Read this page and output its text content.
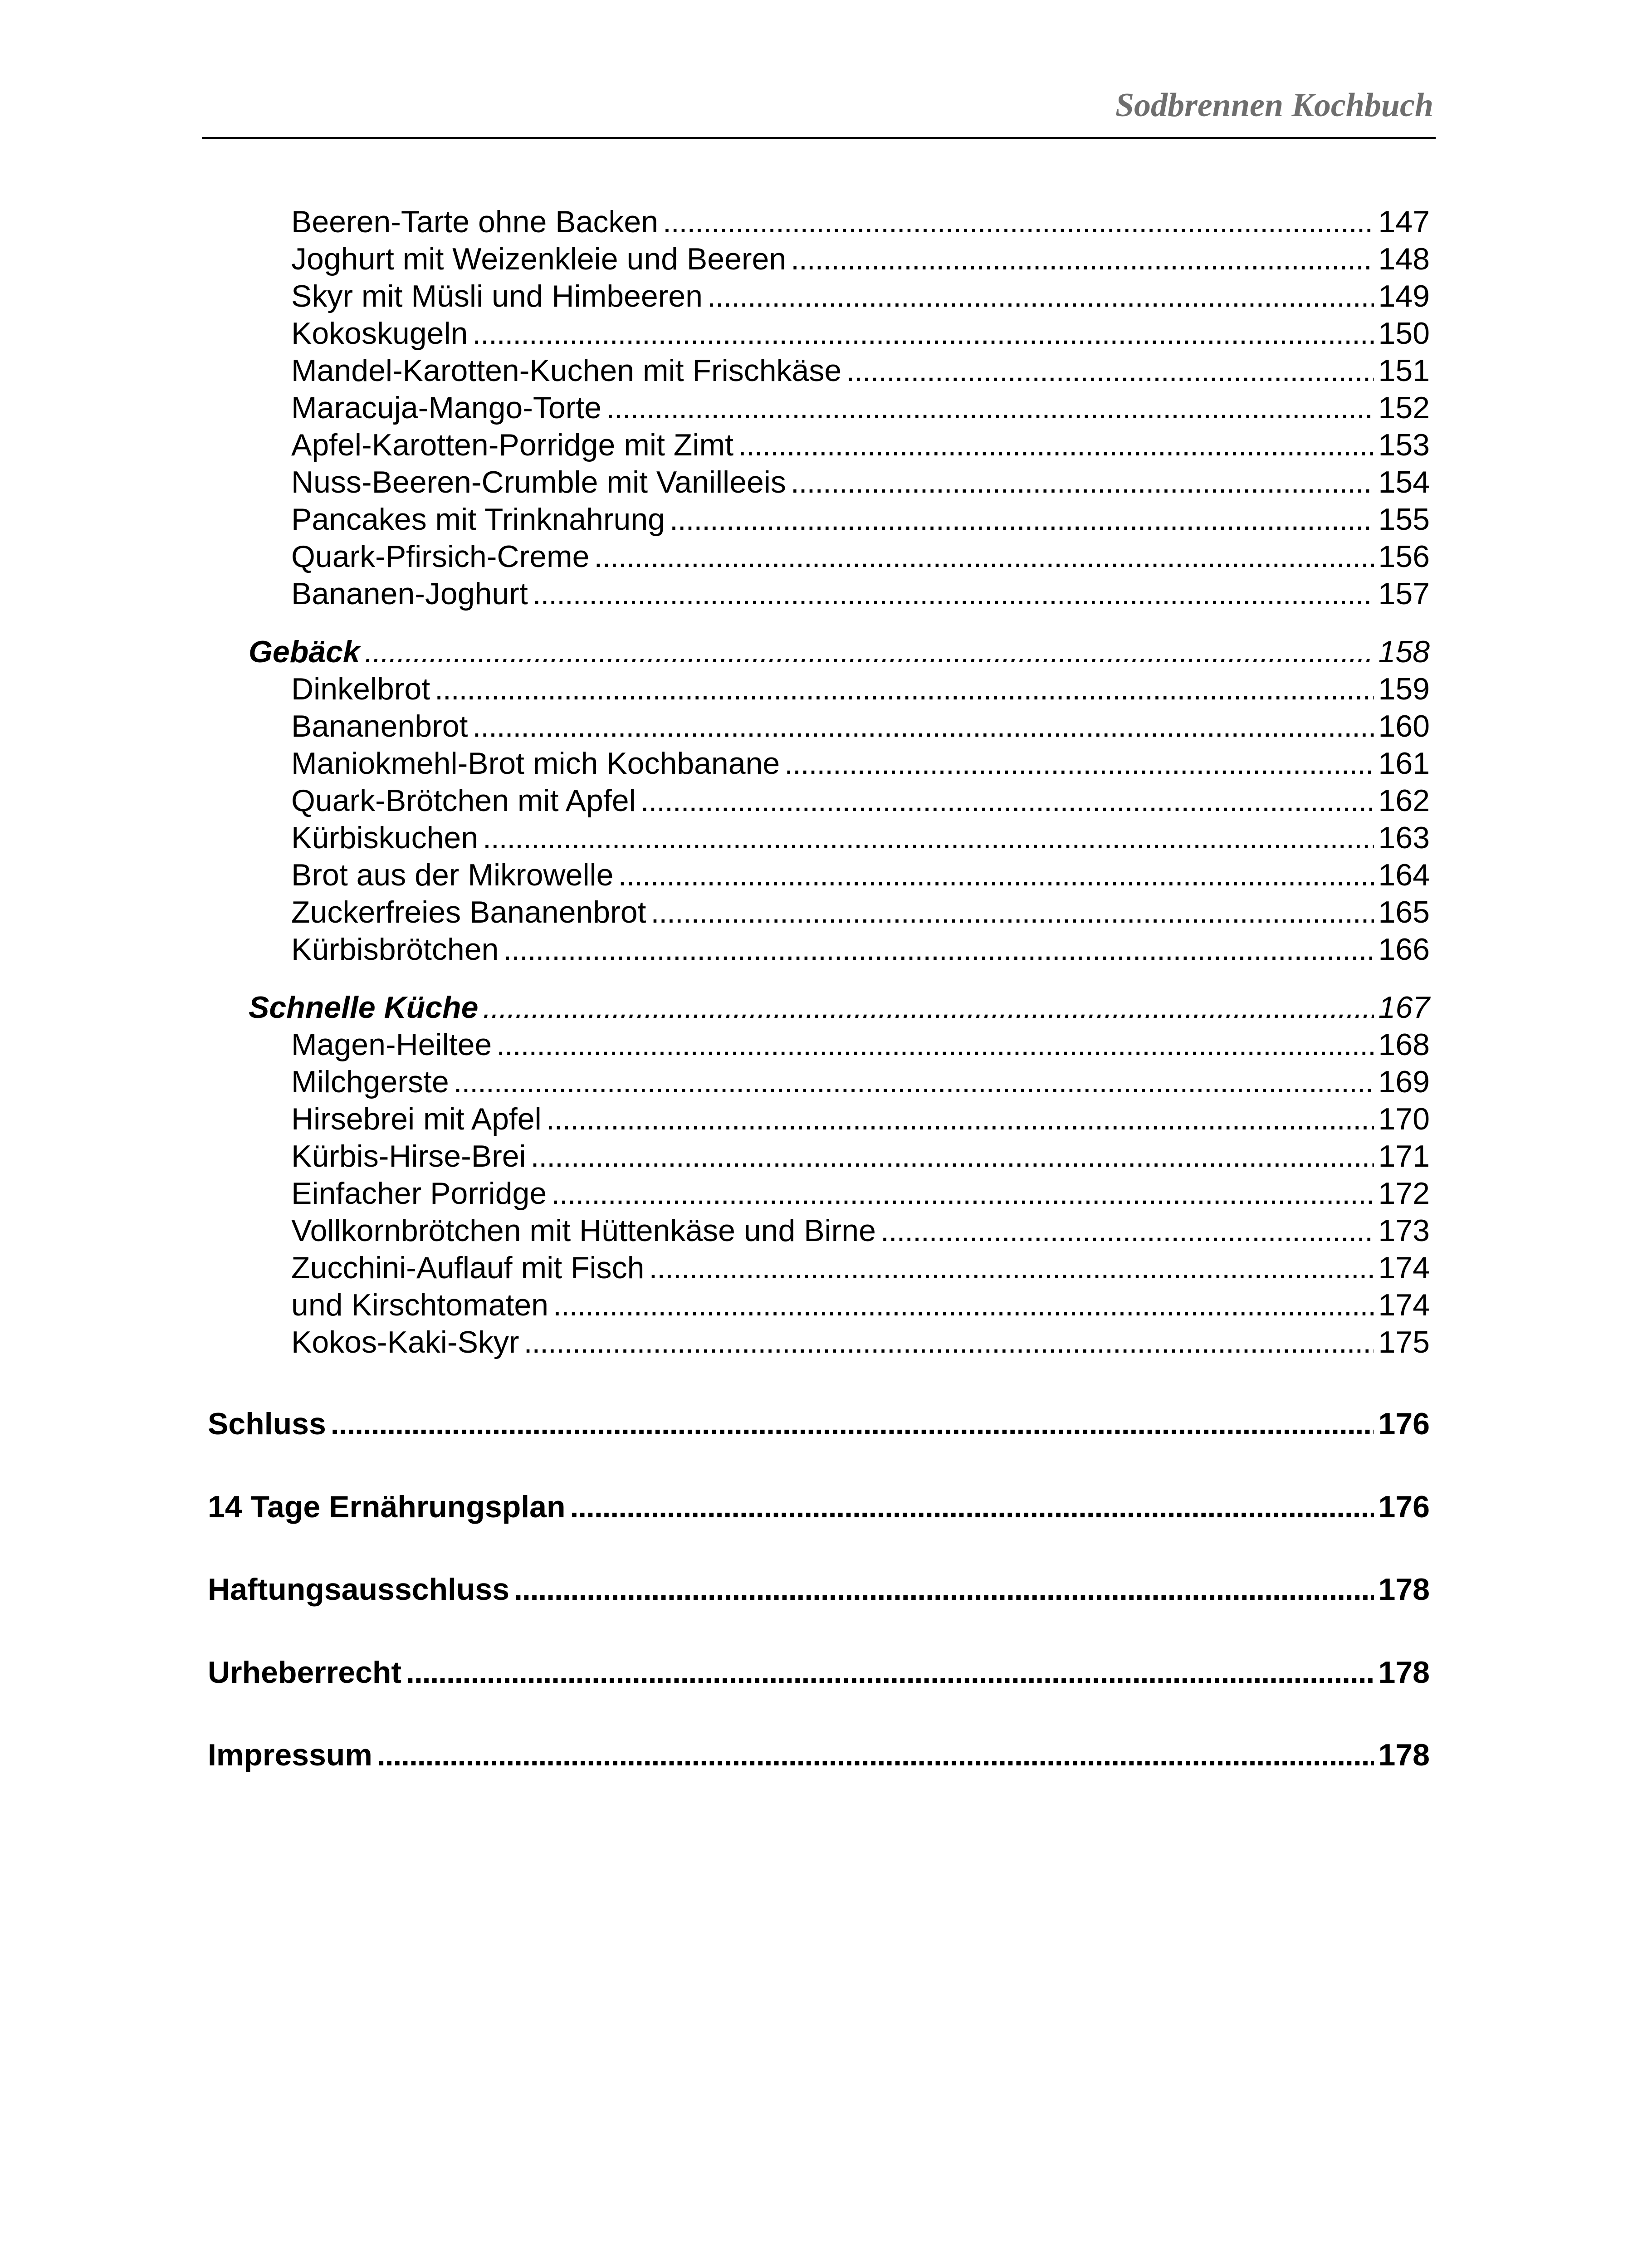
Sodbrennen Kochbuch
Beeren-Tarte ohne Backen . . .	147
Joghurt mit Weizenkleie und Beeren . . .	148
Skyr mit Müsli und Himbeeren . . .	149
Kokoskugeln . . .	150
Mandel-Karotten-Kuchen mit Frischkäse . . .	151
Maracuja-Mango-Torte . . .	152
Apfel-Karotten-Porridge mit Zimt . . .	153
Nuss-Beeren-Crumble mit Vanilleeis . . .	154
Pancakes mit Trinknahrung . . .	155
Quark-Pfirsich-Creme . . .	156
Bananen-Joghurt . . .	157
Gebäck . . .	158
Dinkelbrot . . .	159
Bananenbrot . . .	160
Maniokmehl-Brot mich Kochbanane . . .	161
Quark-Brötchen mit Apfel . . .	162
Kürbiskuchen . . .	163
Brot aus der Mikrowelle . . .	164
Zuckerfreies Bananenbrot . . .	165
Kürbisbrötchen . . .	166
Schnelle Küche . . .	167
Magen-Heiltee . . .	168
Milchgerste . . .	169
Hirsebrei mit Apfel . . .	170
Kürbis-Hirse-Brei . . .	171
Einfacher Porridge . . .	172
Vollkornbrötchen mit Hüttenkäse und Birne . . .	173
Zucchini-Auflauf mit Fisch . . .	174
und Kirschtomaten . . .	174
Kokos-Kaki-Skyr . . .	175
Schluss . . .	176
14 Tage Ernährungsplan . . .	176
Haftungsausschluss . . .	178
Urheberrecht . . .	178
Impressum . . .	178
